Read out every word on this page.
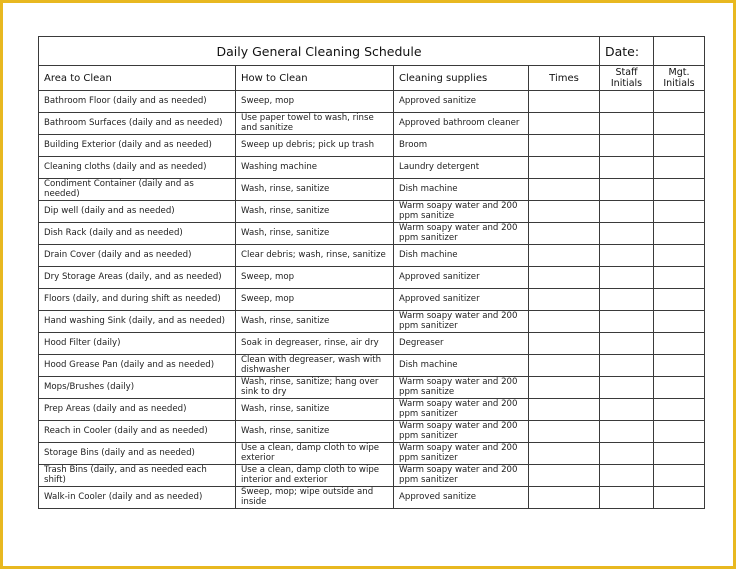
Daily General Cleaning Schedule				Date:	
Area to Clean	How to Clean	Cleaning supplies	Times	Staff Initials	Mgt. Initials
Bathroom Floor (daily and as needed)	Sweep, mop	Approved sanitize			
Bathroom Surfaces (daily and as needed)	Use paper towel to wash, rinse and sanitize	Approved bathroom cleaner			
Building Exterior (daily and as needed)	Sweep up debris; pick up trash	Broom			
Cleaning cloths (daily and as needed)	Washing machine	Laundry detergent			
Condiment Container (daily and as needed)	Wash, rinse, sanitize	Dish machine			
Dip well (daily and as needed)	Wash, rinse, sanitize	Warm soapy water and 200 ppm sanitize			
Dish Rack (daily and as needed)	Wash, rinse, sanitize	Warm soapy water and 200 ppm sanitizer			
Drain Cover (daily and as needed)	Clear debris; wash, rinse, sanitize	Dish machine			
Dry Storage Areas (daily, and as needed)	Sweep, mop	Approved sanitizer			
Floors (daily, and during shift as needed)	Sweep, mop	Approved sanitizer			
Hand washing Sink (daily, and as needed)	Wash, rinse, sanitize	Warm soapy water and 200 ppm sanitizer			
Hood Filter (daily)	Soak in degreaser, rinse, air dry	Degreaser			
Hood Grease Pan (daily and as needed)	Clean with degreaser, wash with dishwasher	Dish machine			
Mops/Brushes (daily)	Wash, rinse, sanitize; hang over sink to dry	Warm soapy water and 200 ppm sanitize			
Prep Areas (daily and as needed)	Wash, rinse, sanitize	Warm soapy water and 200 ppm sanitizer			
Reach in Cooler (daily and as needed)	Wash, rinse, sanitize	Warm soapy water and 200 ppm sanitizer			
Storage Bins (daily and as needed)	Use a clean, damp cloth to wipe exterior	Warm soapy water and 200 ppm sanitizer			
Trash Bins (daily, and as needed each shift)	Use a clean, damp cloth to wipe interior and exterior	Warm soapy water and 200 ppm sanitizer			
Walk-in Cooler (daily and as needed)	Sweep, mop; wipe outside and inside	Approved sanitize			
